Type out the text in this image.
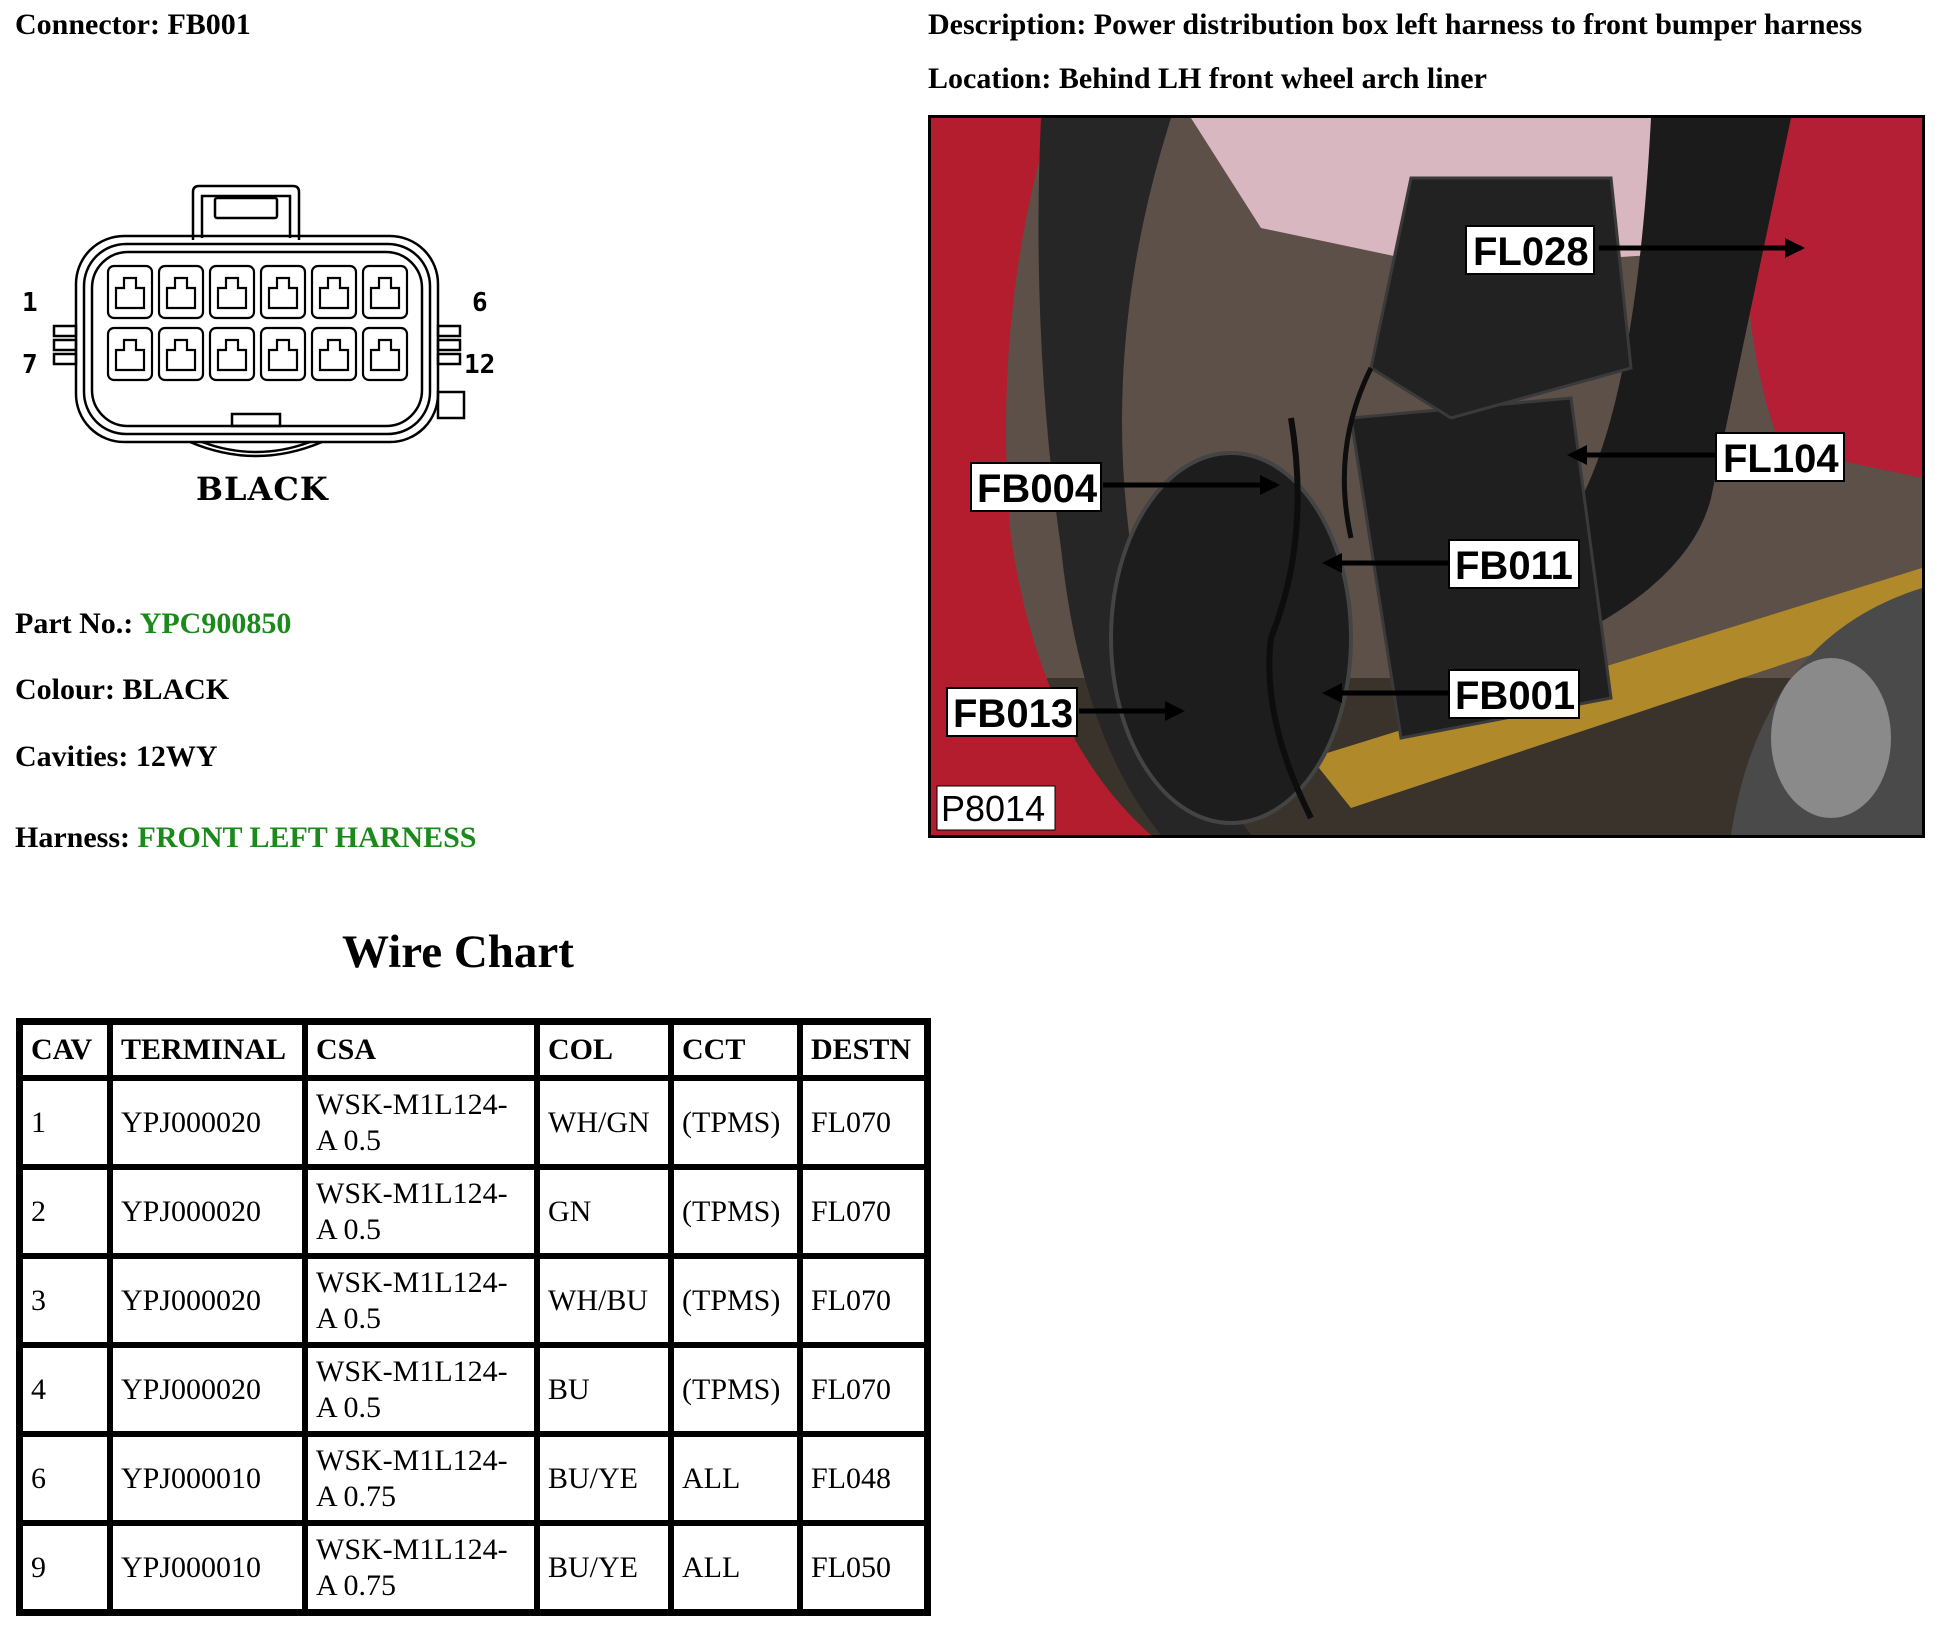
Connector: FB001	Description: Power distribution box left harness to front bumper harness
Location: Behind LH front wheel arch liner
1	6
7	12
BLACK
Part No.: YPC900850
Colour: BLACK
Cavities: 12WY
Harness: FRONT LEFT HARNESS
FL028
FL104
FB004
FB011
FB013	FB001
P8014
Wire Chart
CAV	TERMINAL	CSA	COL	CCT	DESTN
1	YPJ000020	WSK-M1L124-
A 0.5	WH/GN	(TPMS)	FL070
2	YPJ000020	WSK-M1L124-
A 0.5	GN	(TPMS)	FL070
3	YPJ000020	WSK-M1L124-
A 0.5	WH/BU	(TPMS)	FL070
4	YPJ000020	WSK-M1L124-
A 0.5	BU	(TPMS)	FL070
6	YPJ000010	WSK-M1L124-
A 0.75	BU/YE	ALL	FL048
9	YPJ000010	WSK-M1L124-
A 0.75	BU/YE	ALL	FL050
